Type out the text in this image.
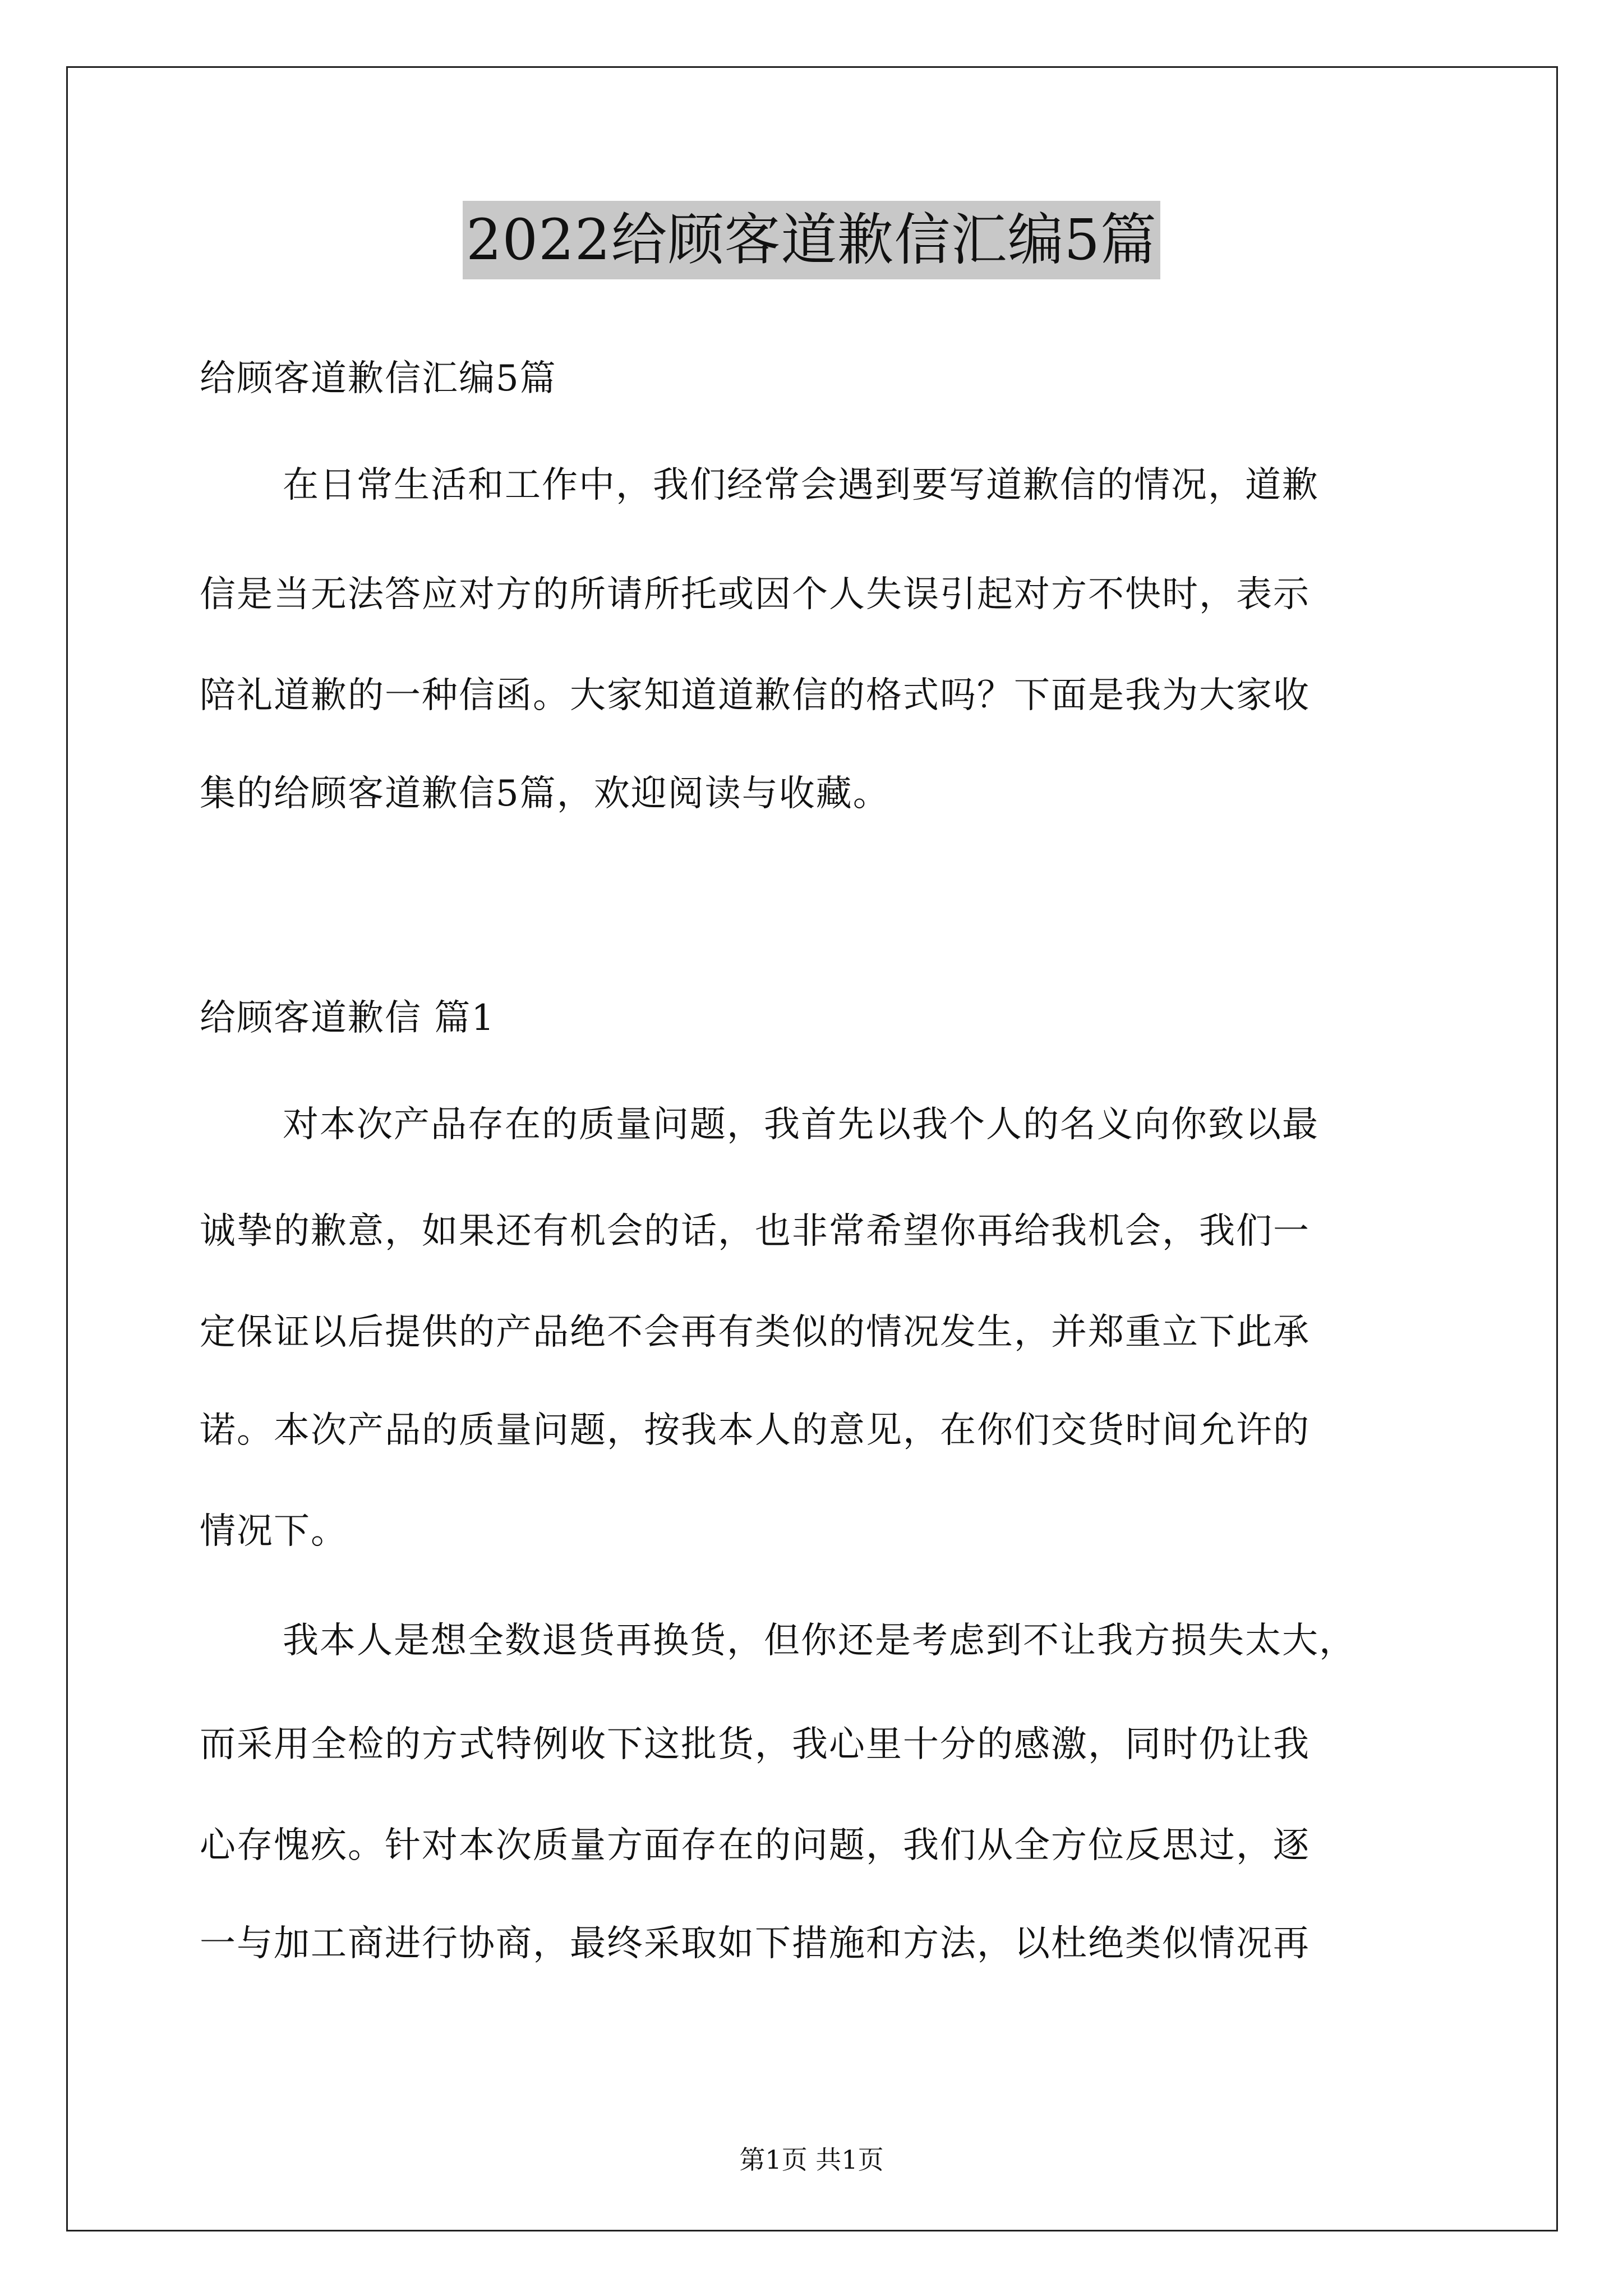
2022给顾客道歉信汇编5篇
给顾客道歉信汇编5篇
在日常生活和工作中，我们经常会遇到要写道歉信的情况，道歉
信是当无法答应对方的所请所托或因个人失误引起对方不快时，表示
陪礼道歉的一种信函。大家知道道歉信的格式吗？下面是我为大家收
集的给顾客道歉信5篇，欢迎阅读与收藏。
给顾客道歉信 篇1
对本次产品存在的质量问题，我首先以我个人的名义向你致以最
诚挚的歉意，如果还有机会的话，也非常希望你再给我机会，我们一
定保证以后提供的产品绝不会再有类似的情况发生，并郑重立下此承
诺。本次产品的质量问题，按我本人的意见，在你们交货时间允许的
情况下。
我本人是想全数退货再换货，但你还是考虑到不让我方损失太大，
而采用全检的方式特例收下这批货，我心里十分的感激，同时仍让我
心存愧疚。针对本次质量方面存在的问题，我们从全方位反思过，逐
一与加工商进行协商，最终采取如下措施和方法，以杜绝类似情况再
第1页 共1页
